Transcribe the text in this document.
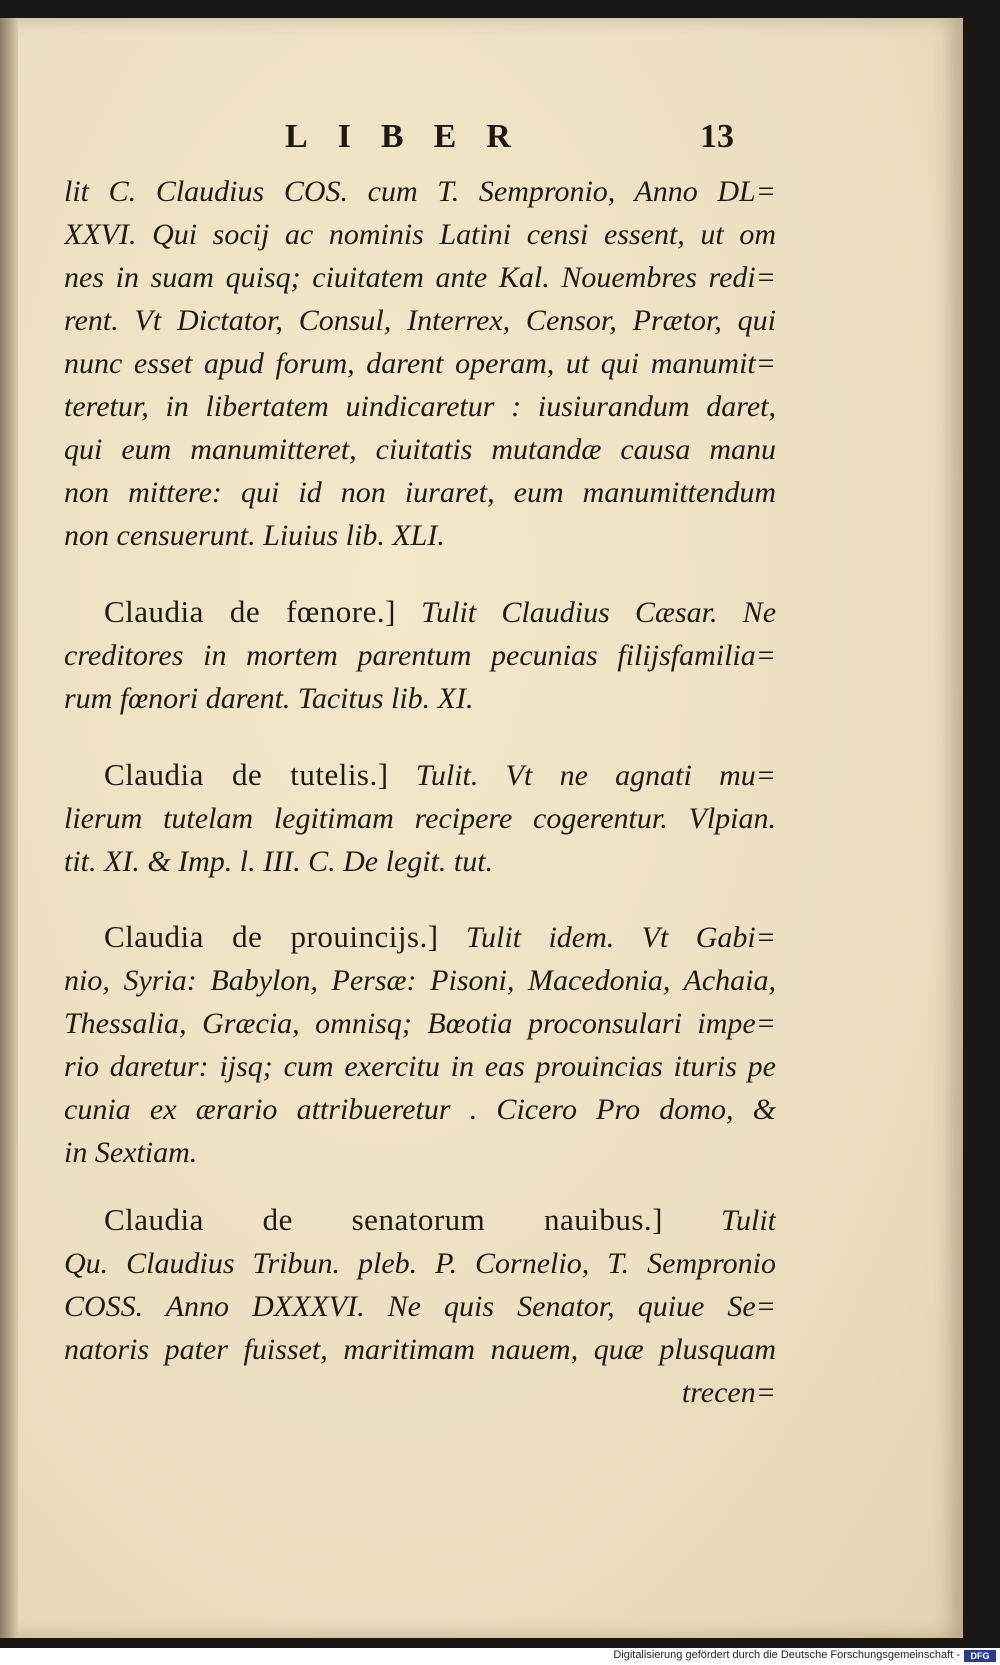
LIBER	13
lit C. Claudius COS. cum T. Sempronio, Anno DL=
XXVI. Qui socij ac nominis Latini censi essent, ut om
nes in suam quisq; ciuitatem ante Kal. Nouembres redi=
rent. Vt Dictator, Consul, Interrex, Censor, Prætor, qui
nunc esset apud forum, darent operam, ut qui manumit=
teretur, in libertatem uindicaretur : iusiurandum daret,
qui eum manumitteret, ciuitatis mutandæ causa manu
non mittere: qui id non iuraret, eum manumittendum
non censuerunt. Liuius lib. XLI.
Claudia de fœnore.] Tulit Claudius Cæsar. Ne
creditores in mortem parentum pecunias filijsfamilia=
rum fœnori darent. Tacitus lib. XI.
Claudia de tutelis.] Tulit. Vt ne agnati mu=
lierum tutelam legitimam recipere cogerentur. Vlpian.
tit. XI. & Imp. l. III. C. De legit. tut.
Claudia de prouincijs.] Tulit idem. Vt Gabi=
nio, Syria: Babylon, Persæ: Pisoni, Macedonia, Achaia,
Thessalia, Græcia, omnisq; Bœotia proconsulari impe=
rio daretur: ijsq; cum exercitu in eas prouincias ituris pe
cunia ex ærario attribueretur . Cicero Pro domo, &
in Sextiam.
Claudia de senatorum nauibus.] Tulit
Qu. Claudius Tribun. pleb. P. Cornelio, T. Sempronio
COSS. Anno DXXXVI. Ne quis Senator, quiue Se=
natoris pater fuisset, maritimam nauem, quæ plusquam
trecen=
Digitalisierung gefördert durch die Deutsche Forschungsgemeinschaft -	DFG
